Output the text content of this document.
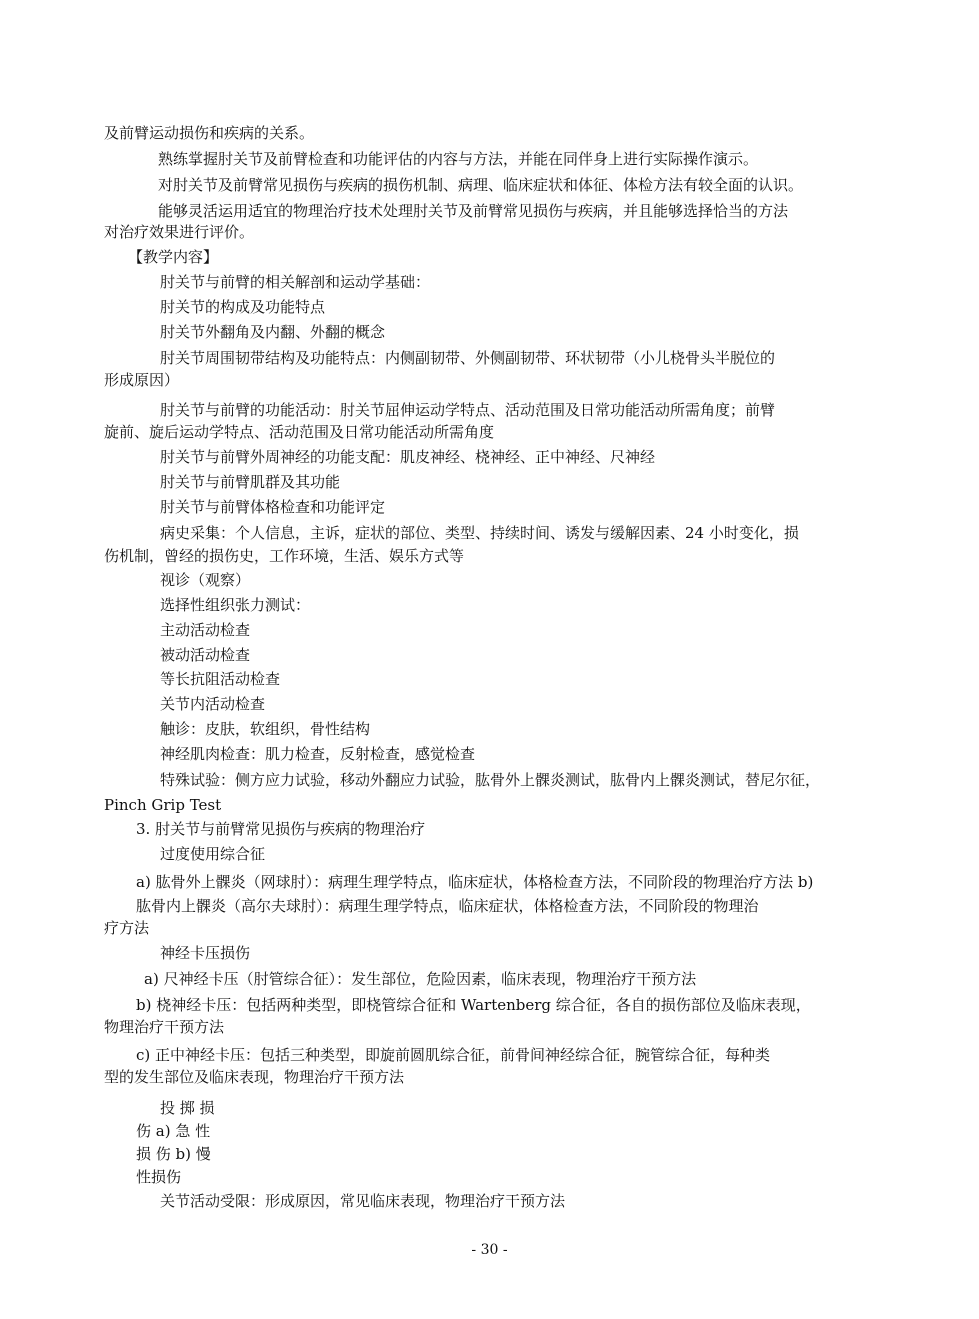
及前臂运动损伤和疾病的关系。
熟练掌握肘关节及前臂检查和功能评估的内容与方法，并能在同伴身上进行实际操作演示。
对肘关节及前臂常见损伤与疾病的损伤机制、病理、临床症状和体征、体检方法有较全面的认识。
能够灵活运用适宜的物理治疗技术处理肘关节及前臂常见损伤与疾病，并且能够选择恰当的方法
对治疗效果进行评价。
【教学内容】
肘关节与前臂的相关解剖和运动学基础：
肘关节的构成及功能特点
肘关节外翻角及内翻、外翻的概念
肘关节周围韧带结构及功能特点：内侧副韧带、外侧副韧带、环状韧带（小儿桡骨头半脱位的
形成原因）
肘关节与前臂的功能活动：肘关节屈伸运动学特点、活动范围及日常功能活动所需角度；前臂
旋前、旋后运动学特点、活动范围及日常功能活动所需角度
肘关节与前臂外周神经的功能支配：肌皮神经、桡神经、正中神经、尺神经
肘关节与前臂肌群及其功能
肘关节与前臂体格检查和功能评定
病史采集：个人信息，主诉，症状的部位、类型、持续时间、诱发与缓解因素、24 小时变化，损
伤机制，曾经的损伤史，工作环境，生活、娱乐方式等
视诊（观察）
选择性组织张力测试：
主动活动检查
被动活动检查
等长抗阻活动检查
关节内活动检查
触诊：皮肤，软组织，骨性结构
神经肌肉检查：肌力检查，反射检查，感觉检查
特殊试验：侧方应力试验，移动外翻应力试验，肱骨外上髁炎测试，肱骨内上髁炎测试，替尼尔征，
Pinch Grip Test
3. 肘关节与前臂常见损伤与疾病的物理治疗
过度使用综合征
a) 肱骨外上髁炎（网球肘）：病理生理学特点，临床症状，体格检查方法，不同阶段的物理治疗方法 b)
肱骨内上髁炎（高尔夫球肘）：病理生理学特点，临床症状，体格检查方法，不同阶段的物理治
疗方法
神经卡压损伤
a) 尺神经卡压（肘管综合征）：发生部位，危险因素，临床表现，物理治疗干预方法
b) 桡神经卡压：包括两种类型，即桡管综合征和 Wartenberg 综合征，各自的损伤部位及临床表现，
物理治疗干预方法
c) 正中神经卡压：包括三种类型，即旋前圆肌综合征，前骨间神经综合征，腕管综合征，每种类
型的发生部位及临床表现，物理治疗干预方法
投 掷 损
伤 a) 急 性
损 伤 b) 慢
性损伤
关节活动受限：形成原因，常见临床表现，物理治疗干预方法
- 30 -
